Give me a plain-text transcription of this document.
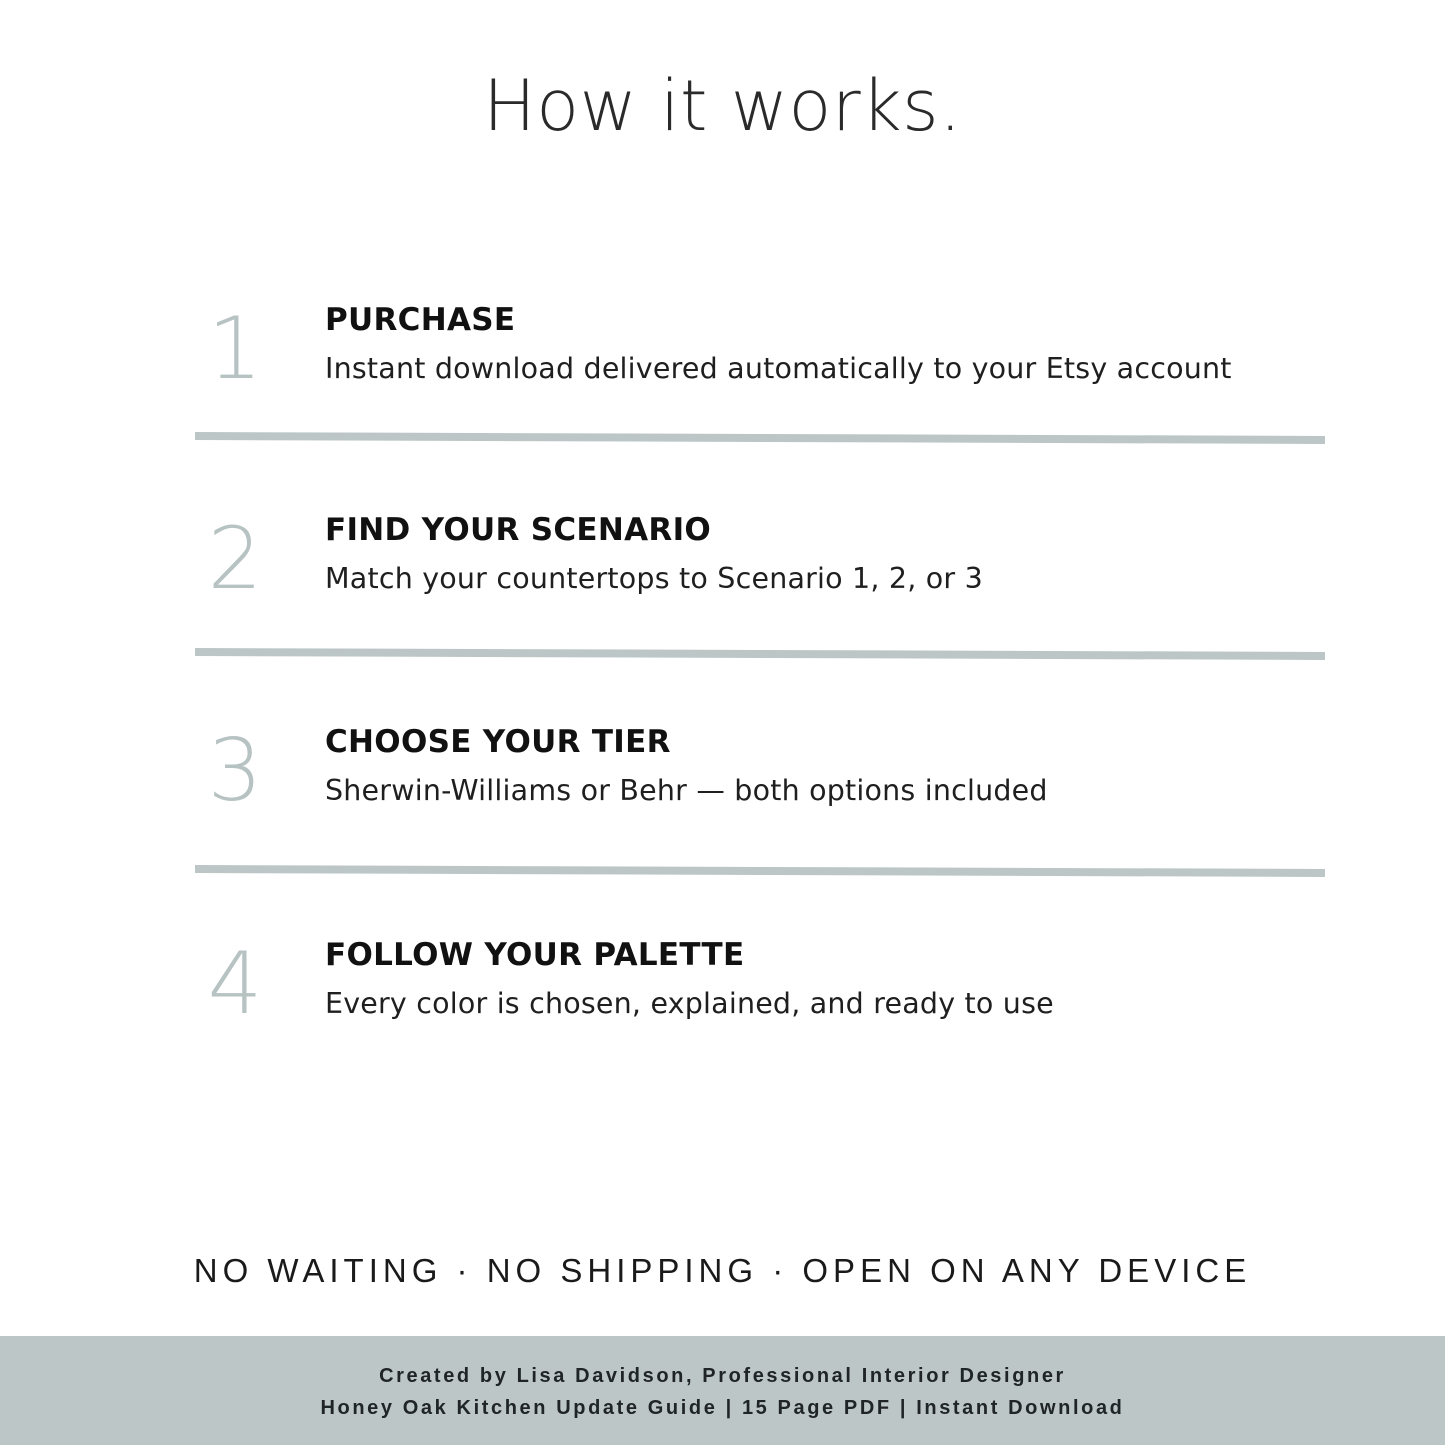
How it works.
1	PURCHASE
Instant download delivered automatically to your Etsy account
2	FIND YOUR SCENARIO
Match your countertops to Scenario 1, 2, or 3
3	CHOOSE YOUR TIER
Sherwin-Williams or Behr — both options included
4	FOLLOW YOUR PALETTE
Every color is chosen, explained, and ready to use
NO WAITING · NO SHIPPING · OPEN ON ANY DEVICE
Created by Lisa Davidson, Professional Interior Designer
Honey Oak Kitchen Update Guide | 15 Page PDF | Instant Download
